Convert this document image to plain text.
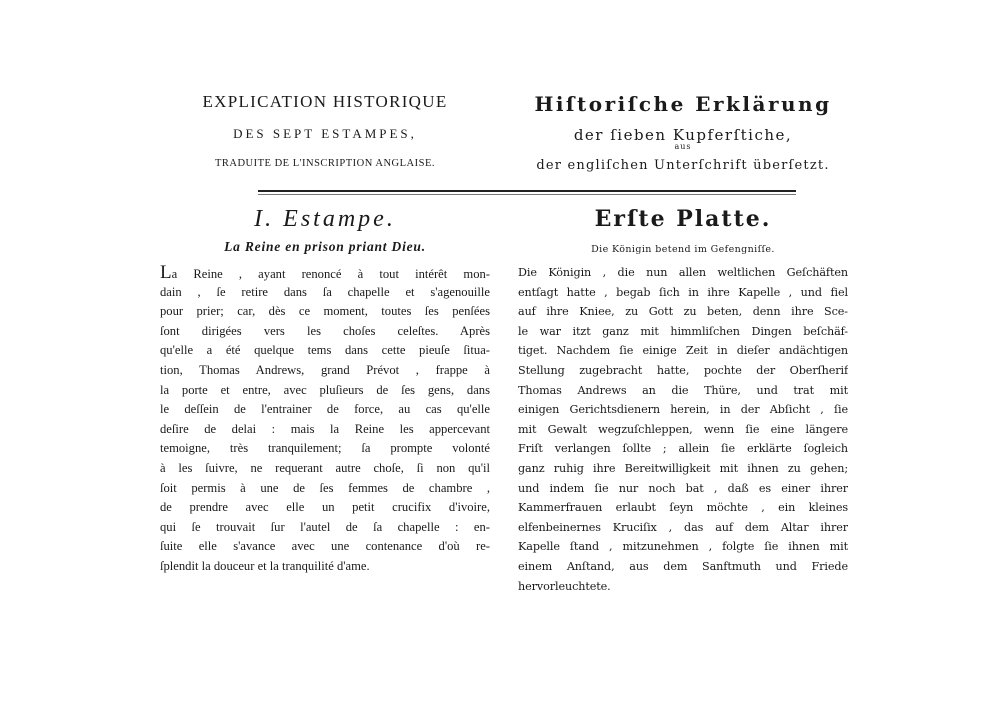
EXPLICATION HISTORIQUE
DES SEPT ESTAMPES,
TRADUITE DE L'INSCRIPTION ANGLAISE.
I. Estampe.
La Reine en prison priant Dieu.
La Reine , ayant renoncé à tout intérêt mon-
dain , ſe retire dans ſa chapelle et s'agenouille
pour prier; car, dès ce moment, toutes ſes penſées
ſont dirigées vers les choſes celeſtes. Après
qu'elle a été quelque tems dans cette pieuſe ſitua-
tion, Thomas Andrews, grand Prévot , frappe à
la porte et entre, avec pluſieurs de ſes gens, dans
le deſſein de l'entrainer de force, au cas qu'elle
deſire de delai : mais la Reine les appercevant
temoigne, très tranquilement; ſa prompte volonté
à les ſuivre, ne requerant autre choſe, ſi non qu'il
ſoit permis à une de ſes femmes de chambre ,
de prendre avec elle un petit crucifix d'ivoire,
qui ſe trouvait ſur l'autel de ſa chapelle : en-
ſuite elle s'avance avec une contenance d'où re-
ſplendit la douceur et la tranquilité d'ame.
Hiſtoriſche Erklärung
der ſieben Kupferſtiche,
aus
der engliſchen Unterſchrift überſetzt.
Erſte Platte.
Die Königin betend im Gefengniſſe.
Die Königin , die nun allen weltlichen Geſchäften
entſagt hatte , begab ſich in ihre Kapelle , und fiel
auf ihre Kniee, zu Gott zu beten, denn ihre Sce-
le war itzt ganz mit himmliſchen Dingen beſchäf-
tiget. Nachdem ſie einige Zeit in dieſer andächtigen
Stellung zugebracht hatte, pochte der Oberſherif
Thomas Andrews an die Thüre, und trat mit
einigen Gerichtsdienern herein, in der Abſicht , ſie
mit Gewalt wegzuſchleppen, wenn ſie eine längere
Friſt verlangen ſollte ; allein ſie erklärte ſogleich
ganz ruhig ihre Bereitwilligkeit mit ihnen zu gehen;
und indem ſie nur noch bat , daß es einer ihrer
Kammerfrauen erlaubt ſeyn möchte , ein kleines
elfenbeinernes Kruciſix , das auf dem Altar ihrer
Kapelle ſtand , mitzunehmen , folgte ſie ihnen mit
einem Anſtand, aus dem Sanftmuth und Friede
hervorleuchtete.
